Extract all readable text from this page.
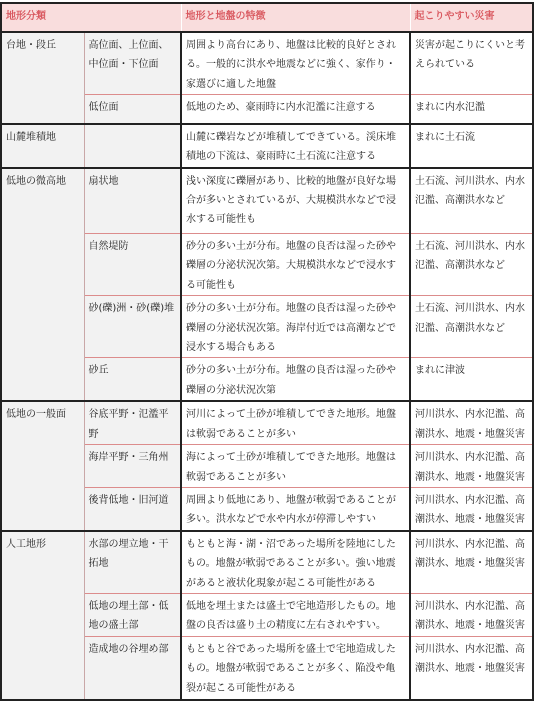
地形分類		地形と地盤の特徴	起こりやすい災害
台地・段丘	高位面、上位面、中位面・下位面	周囲より高台にあり、地盤は比較的良好とされる。一般的に洪水や地震などに強く、家作り・家選びに適した地盤	災害が起こりにくいと考えられている
	低位面	低地のため、豪雨時に内水氾濫に注意する	まれに内水氾濫
山麓堆積地		山麓に礫岩などが堆積してできている。渓床堆積地の下流は、豪雨時に土石流に注意する	まれに土石流
低地の微高地	扇状地	浅い深度に礫層があり、比較的地盤が良好な場合が多いとされているが、大規模洪水などで浸水する可能性も	土石流、河川洪水、内水氾濫、高潮洪水など
	自然堤防	砂分の多い土が分布。地盤の良否は湿った砂や礫層の分泌状況次第。大規模洪水などで浸水する可能性も	土石流、河川洪水、内水氾濫、高潮洪水など
	砂(礫)洲・砂(礫)堆	砂分の多い土が分布。地盤の良否は湿った砂や礫層の分泌状況次第。海岸付近では高潮などで浸水する場合もある	土石流、河川洪水、内水氾濫、高潮洪水など
	砂丘	砂分の多い土が分布。地盤の良否は湿った砂や礫層の分泌状況次第	まれに津波
低地の一般面	谷底平野・氾濫平野	河川によって土砂が堆積してできた地形。地盤は軟弱であることが多い	河川洪水、内水氾濫、高潮洪水、地震・地盤災害
	海岸平野・三角州	海によって土砂が堆積してできた地形。地盤は軟弱であることが多い	河川洪水、内水氾濫、高潮洪水、地震・地盤災害
	後背低地・旧河道	周囲より低地にあり、地盤が軟弱であることが多い。洪水などで水や内水が停滞しやすい	河川洪水、内水氾濫、高潮洪水、地震・地盤災害
人工地形	水部の埋立地・干拓地	もともと海・湖・沼であった場所を陸地にしたもの。地盤が軟弱であることが多い。強い地震があると液状化現象が起こる可能性がある	河川洪水、内水氾濫、高潮洪水、地震・地盤災害
	低地の埋土部・低地の盛土部	低地を埋土または盛土で宅地造形したもの。地盤の良否は盛り土の精度に左右されやすい。	河川洪水、内水氾濫、高潮洪水、地震・地盤災害
	造成地の谷埋め部	もともと谷であった場所を盛土で宅地造成したもの。地盤が軟弱であることが多く、陥没や亀裂が起こる可能性がある	河川洪水、内水氾濫、高潮洪水、地震・地盤災害
